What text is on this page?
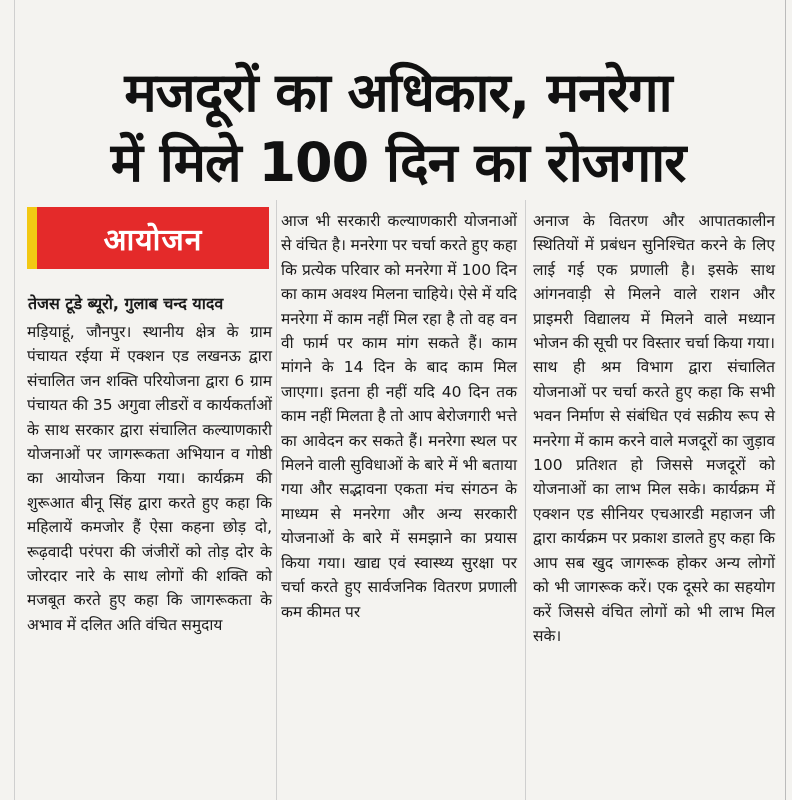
मजदूरों का अधिकार, मनरेगा
में मिले 100 दिन का रोजगार
आयोजन
तेजस टूडे ब्यूरो, गुलाब चन्द यादव

मड़ियाहूं, जौनपुर। स्थानीय क्षेत्र के ग्राम पंचायत रईया में एक्शन एड लखनऊ द्वारा संचालित जन शक्ति परियोजना द्वारा 6 ग्राम पंचायत की 35 अगुवा लीडरों व कार्यकर्ताओं के साथ सरकार द्वारा संचालित कल्याणकारी योजनाओं पर जागरूकता अभियान व गोष्ठी का आयोजन किया गया। कार्यक्रम की शुरूआत बीनू सिंह द्वारा करते हुए कहा कि महिलायें कमजोर हैं ऐसा कहना छोड़ दो, रूढ़वादी परंपरा की जंजीरों को तोड़ दो‍र के जोरदार नारे के साथ लोगों की शक्ति को मजबूत करते हुए कहा कि जागरूकता के अभाव में दलित अति वंचित समुदाय

आज भी सरकारी कल्याणकारी योजनाओं से वंचित है। मनरेगा पर चर्चा करते हुए कहा कि प्रत्येक परिवार को मनरेगा में 100 दिन का काम अवश्य मिलना चाहिये। ऐसे में यदि मनरेगा में काम नहीं मिल रहा है तो वह वन वी फार्म पर काम मांग सकते हैं। काम मांगने के 14 दिन के बाद काम मिल जाएगा। इतना ही नहीं यदि 40 दिन तक काम नहीं मिलता है तो आप बेरोजगारी भत्ते का आवेदन कर सकते हैं। मनरेगा स्थल पर मिलने वाली सुविधाओं के बारे में भी बताया गया और सद्भावना एकता मंच संगठन के माध्यम से मनरेगा और अन्य सरकारी योजनाओं के बारे में समझाने का प्रयास किया गया। खाद्य एवं स्वास्थ्य सुरक्षा पर चर्चा करते हुए सार्वजनिक वितरण प्रणाली कम कीमत पर

अनाज के वितरण और आपातकालीन स्थितियों में प्रबंधन सुनिश्चित करने के लिए लाई गई एक प्रणाली है। इसके साथ आंगनवाड़ी से मिलने वाले राशन और प्राइमरी विद्यालय में मिलने वाले मध्यान भोजन की सूची पर विस्तार चर्चा किया गया। साथ ही श्रम विभाग द्वारा संचालित योजनाओं पर चर्चा करते हुए कहा कि सभी भवन निर्माण से संबंधित एवं सक्रीय रूप से मनरेगा में काम करने वाले मजदूरों का जुड़ाव 100 प्रतिशत हो जिससे मजदूरों को योजनाओं का लाभ मिल सके। कार्यक्रम में एक्शन एड सीनियर एचआरडी महाजन जी द्वारा कार्यक्रम पर प्रकाश डालते हुए कहा कि आप सब खुद जागरूक होकर अन्य लोगों को भी जागरूक करें। एक दूसरे का सहयोग करें जिससे वंचित लोगों को भी लाभ मिल सके।
